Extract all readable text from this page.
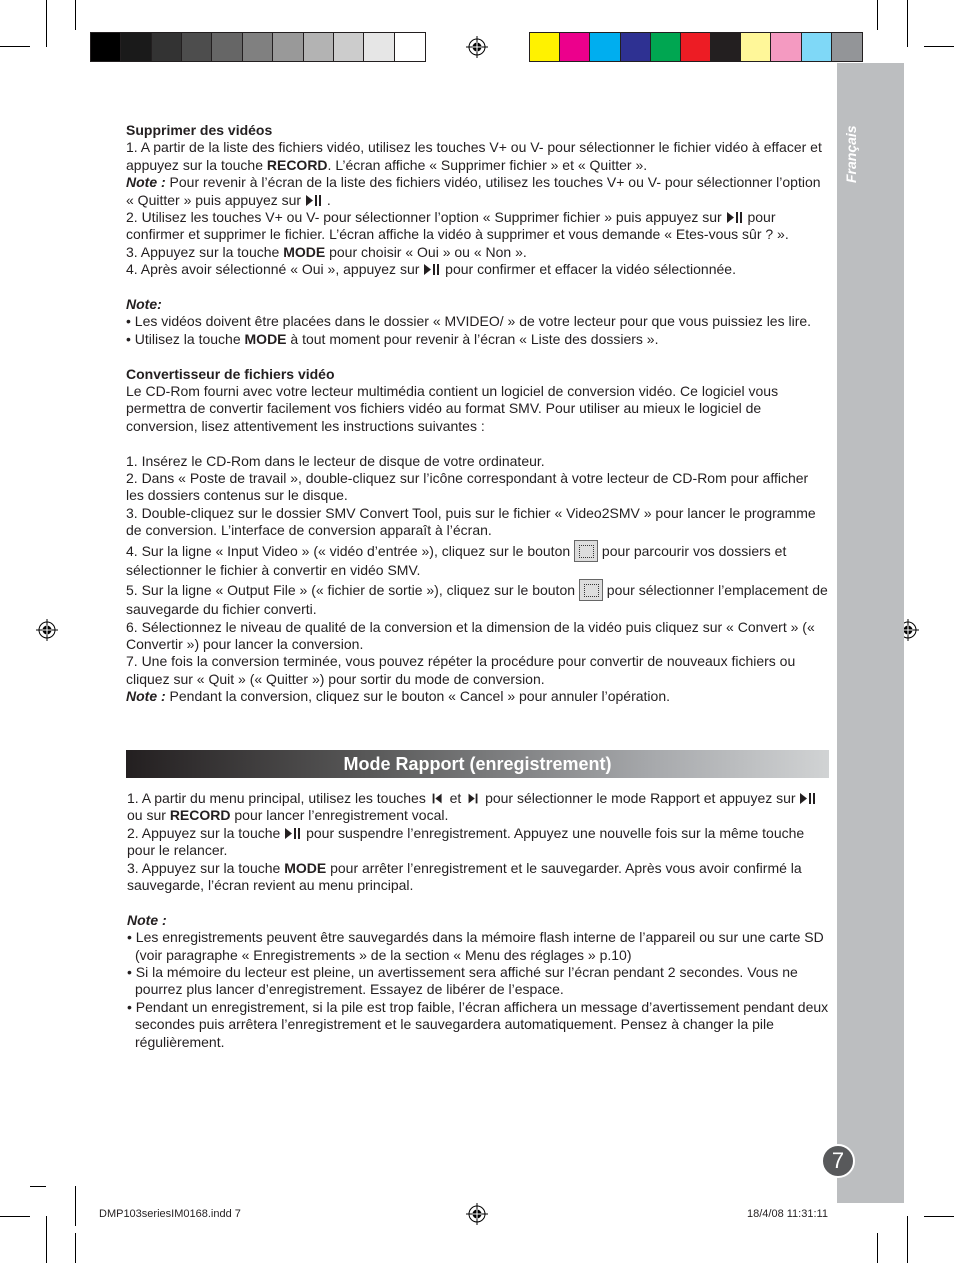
Français

Supprimer des vidéos

1. A partir de la liste des fichiers vidéo, utilisez les touches V+ ou V- pour sélectionner le fichier vidéo à effacer et appuyez sur la touche RECORD. L’écran affiche « Supprimer fichier » et « Quitter ».

Note : Pour revenir à l’écran de la liste des fichiers vidéo, utilisez les touches V+ ou V- pour sélectionner l’option « Quitter » puis appuyez sur  .

2. Utilisez les touches V+ ou V- pour sélectionner l’option « Supprimer fichier » puis appuyez sur  pour confirmer et supprimer le fichier. L’écran affiche la vidéo à supprimer et vous demande « Etes-vous sûr ? ».

3. Appuyez sur la touche MODE pour choisir « Oui » ou « Non ».

4. Après avoir sélectionné « Oui », appuyez sur  pour confirmer et effacer la vidéo sélectionnée.

Note:

• Les vidéos doivent être placées dans le dossier « MVIDEO/ » de votre lecteur pour que vous puissiez les lire.

• Utilisez la touche MODE à tout moment pour revenir à l’écran « Liste des dossiers ».

Convertisseur de fichiers vidéo

Le CD-Rom fourni avec votre lecteur multimédia contient un logiciel de conversion vidéo. Ce logiciel vous permettra de convertir facilement vos fichiers vidéo au format SMV. Pour utiliser au mieux le logiciel de conversion, lisez attentivement les instructions suivantes :

1. Insérez le CD-Rom dans le lecteur de disque de votre ordinateur.

2. Dans « Poste de travail », double-cliquez sur l’icône correspondant à votre lecteur de CD-Rom pour afficher les dossiers contenus sur le disque.

3. Double-cliquez sur le dossier SMV Convert Tool, puis sur le fichier « Video2SMV » pour lancer le programme de conversion. L’interface de conversion apparaît à l’écran.

4. Sur la ligne « Input Video » (« vidéo d’entrée »), cliquez sur le bouton  pour parcourir vos dossiers et sélectionner le fichier à convertir en vidéo SMV.

5. Sur la ligne « Output File » (« fichier de sortie »), cliquez sur le bouton  pour sélectionner l’emplacement de sauvegarde du fichier converti.

6. Sélectionnez le niveau de qualité de la conversion et la dimension de la vidéo puis cliquez sur « Convert » (« Convertir ») pour lancer la conversion.

7. Une fois la conversion terminée, vous pouvez répéter la procédure pour convertir de nouveaux fichiers ou cliquez sur « Quit » (« Quitter ») pour sortir du mode de conversion.

Note : Pendant la conversion, cliquez sur le bouton « Cancel » pour annuler l’opération.

Mode Rapport (enregistrement)

1. A partir du menu principal, utilisez les touches  et  pour sélectionner le mode Rapport et appuyez sur  ou sur RECORD pour lancer l’enregistrement vocal.

2. Appuyez sur la touche  pour suspendre l’enregistrement. Appuyez une nouvelle fois sur la même touche pour le relancer.

3. Appuyez sur la touche MODE pour arrêter l’enregistrement et le sauvegarder. Après vous avoir confirmé la sauvegarde, l’écran revient au menu principal.

Note :

• Les enregistrements peuvent être sauvegardés dans la mémoire flash interne de l’appareil ou sur une carte SD (voir paragraphe « Enregistrements » de la section « Menu des réglages » p.10)

• Si la mémoire du lecteur est pleine, un avertissement sera affiché sur l’écran pendant 2 secondes. Vous ne pourrez plus lancer d’enregistrement. Essayez de libérer de l’espace.

• Pendant un enregistrement, si la pile est trop faible, l’écran affichera un message d’avertissement pendant deux secondes puis arrêtera l’enregistrement et le sauvegardera automatiquement. Pensez à changer la pile régulièrement.

7
DMP103seriesIM0168.indd 7	18/4/08 11:31:11
